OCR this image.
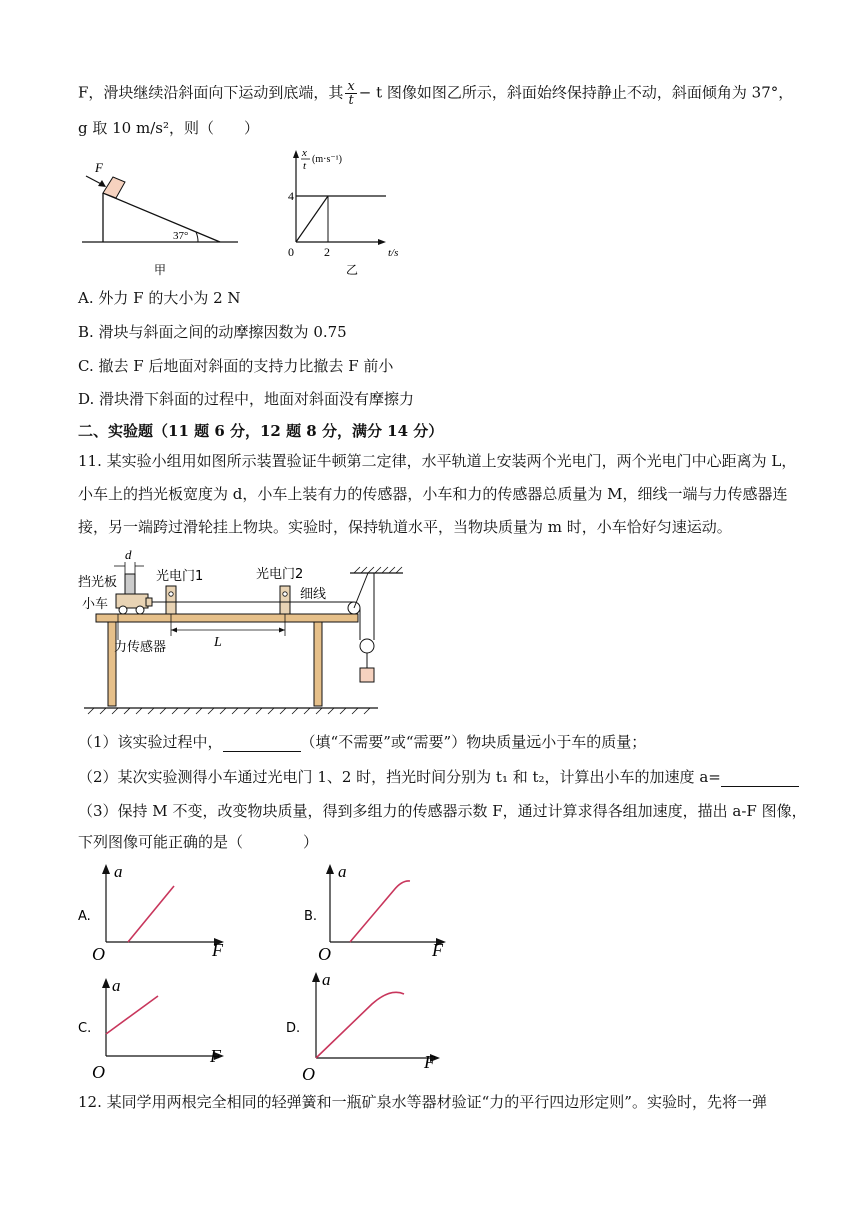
F，滑块继续沿斜面向下运动到底端，其 $\frac{x}{t} - t$ 图像如图乙所示，斜面始终保持静止不动，斜面倾角为 37°，
g 取 10 m/s²，则（　　）
F
37°
甲
x
t
(m·s⁻¹)
4
2
0	t/s
乙
A. 外力 F 的大小为 2 N
B. 滑块与斜面之间的动摩擦因数为 0.75
C. 撤去 F 后地面对斜面的支持力比撤去 F 前小
D. 滑块滑下斜面的过程中，地面对斜面没有摩擦力
二、实验题（11 题 6 分，12 题 8 分，满分 14 分）
11. 某实验小组用如图所示装置验证牛顿第二定律，水平轨道上安装两个光电门，两个光电门中心距离为 L，
小车上的挡光板宽度为 d，小车上装有力的传感器，小车和力的传感器总质量为 M，细线一端与力传感器连
接，另一端跨过滑轮挂上物块。实验时，保持轨道水平，当物块质量为 m 时，小车恰好匀速运动。
d
L
挡光板
小车
光电门1	光电门2
细线
力传感器
（1）该实验过程中，	（填“不需要”或“需要”）物块质量远小于车的质量；
（2）某次实验测得小车通过光电门 1、2 时，挡光时间分别为 t₁ 和 t₂，计算出小车的加速度 a=
（3）保持 M 不变，改变物块质量，得到多组力的传感器示数 F，通过计算求得各组加速度，描出 a-F 图像，
下列图像可能正确的是（　　　　）
A.
a
F
O
B.
a
F
O
C.
a
F
O
D.
a
F
O
12. 某同学用两根完全相同的轻弹簧和一瓶矿泉水等器材验证“力的平行四边形定则”。实验时，先将一弹
